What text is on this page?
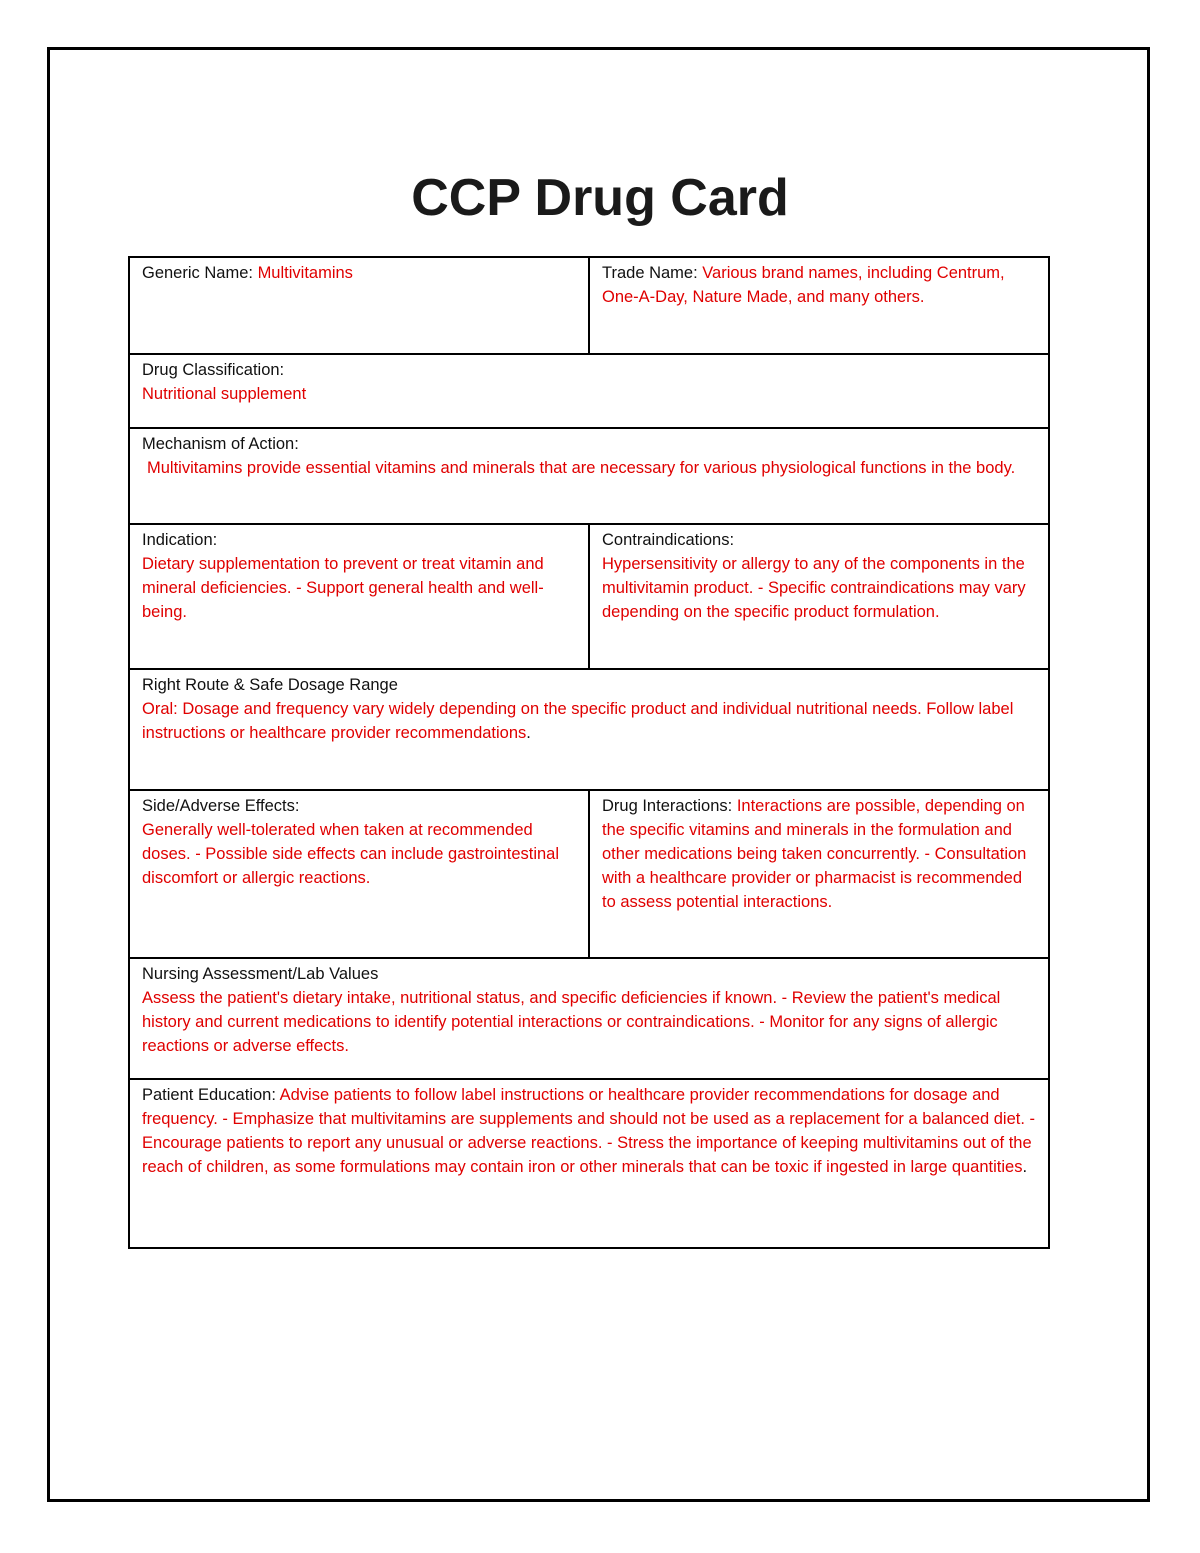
CCP Drug Card
Generic Name: Multivitamins	Trade Name: Various brand names, including Centrum, One-A-Day, Nature Made, and many others.

Drug Classification:
Nutritional supplement	

Mechanism of Action:
Multivitamins provide essential vitamins and minerals that are necessary for various physiological functions in the body.	

Indication:
Dietary supplementation to prevent or treat vitamin and mineral deficiencies. - Support general health and well-being.	Contraindications:
Hypersensitivity or allergy to any of the components in the multivitamin product. - Specific contraindications may vary depending on the specific product formulation.

Right Route & Safe Dosage Range
Oral: Dosage and frequency vary widely depending on the specific product and individual nutritional needs. Follow label instructions or healthcare provider recommendations.	

Side/Adverse Effects:
Generally well-tolerated when taken at recommended doses. - Possible side effects can include gastrointestinal discomfort or allergic reactions.	Drug Interactions: Interactions are possible, depending on the specific vitamins and minerals in the formulation and other medications being taken concurrently. - Consultation with a healthcare provider or pharmacist is recommended to assess potential interactions.

Nursing Assessment/Lab Values
Assess the patient's dietary intake, nutritional status, and specific deficiencies if known. - Review the patient's medical history and current medications to identify potential interactions or contraindications. - Monitor for any signs of allergic reactions or adverse effects.	

Patient Education: Advise patients to follow label instructions or healthcare provider recommendations for dosage and frequency. - Emphasize that multivitamins are supplements and should not be used as a replacement for a balanced diet. - Encourage patients to report any unusual or adverse reactions. - Stress the importance of keeping multivitamins out of the reach of children, as some formulations may contain iron or other minerals that can be toxic if ingested in large quantities.	
